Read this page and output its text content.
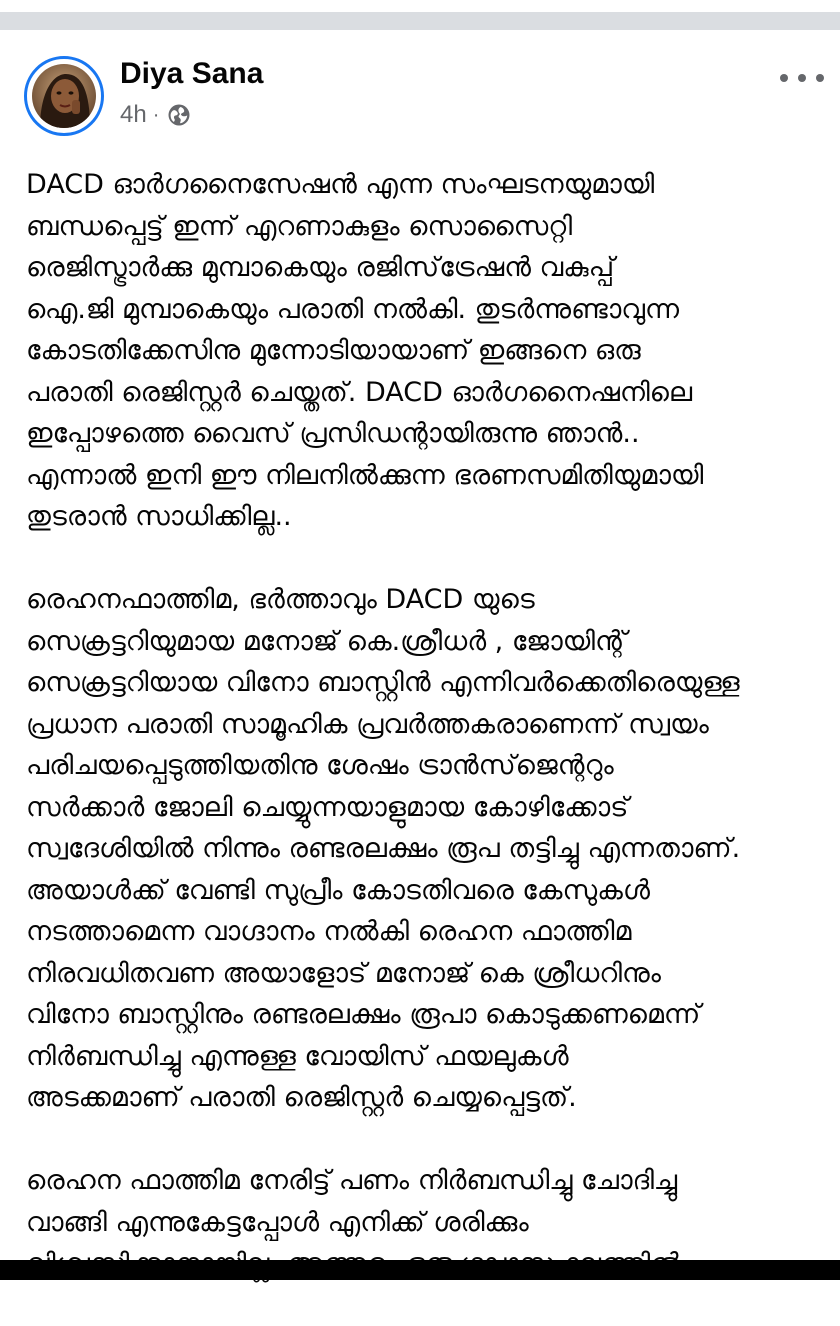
Diya Sana
4h ·
DACD ഓർഗനൈസേഷൻ എന്ന സംഘടനയുമായി
ബന്ധപ്പെട്ട് ഇന്ന് എറണാകുളം സൊസൈറ്റി
രെജിസ്ട്രാർക്കു മുമ്പാകെയും രജിസ്‌ട്രേഷൻ വകുപ്പ്
ഐ.ജി മുമ്പാകെയും പരാതി നൽകി. തുടർന്നുണ്ടാവുന്ന
കോടതിക്കേസിനു മുന്നോടിയായാണ് ഇങ്ങനെ ഒരു
പരാതി രെജിസ്റ്റർ ചെയ്തത്. DACD ഓർഗനൈഷനിലെ
ഇപ്പോഴത്തെ വൈസ് പ്രസിഡന്റായിരുന്നു ഞാൻ..
എന്നാൽ ഇനി ഈ നിലനിൽക്കുന്ന ഭരണസമിതിയുമായി
തുടരാൻ സാധിക്കില്ല..
രെഹനഫാത്തിമ, ഭർത്താവും DACD യുടെ
സെക്രട്ടറിയുമായ മനോജ് കെ.ശ്രീധർ , ജോയിന്റ്
സെക്രട്ടറിയായ വിനോ ബാസ്റ്റിൻ എന്നിവർക്കെതിരെയുള്ള
പ്രധാന പരാതി സാമൂഹിക പ്രവർത്തകരാണെന്ന് സ്വയം
പരിചയപ്പെടുത്തിയതിനു ശേഷം ട്രാൻസ്‌ജെന്ററും
സർക്കാർ ജോലി ചെയ്യുന്നയാളുമായ കോഴിക്കോട്
സ്വദേശിയിൽ നിന്നും രണ്ടരലക്ഷം രൂപ തട്ടിച്ചു എന്നതാണ്.
അയാൾക്ക് വേണ്ടി സുപ്രീം കോടതിവരെ കേസുകൾ
നടത്താമെന്ന വാഗ്ദാനം നൽകി രെഹന ഫാത്തിമ
നിരവധിതവണ അയാളോട് മനോജ് കെ ശ്രീധറിനും
വിനോ ബാസ്റ്റിനും രണ്ടരലക്ഷം രൂപാ കൊടുക്കണമെന്ന്
നിർബന്ധിച്ചു എന്നുള്ള വോയിസ് ഫയലുകൾ
അടക്കമാണ് പരാതി രെജിസ്റ്റർ ചെയ്യപ്പെട്ടത്.
രെഹന ഫാത്തിമ നേരിട്ട് പണം നിർബന്ധിച്ചു ചോദിച്ചു
വാങ്ങി എന്നുകേട്ടപ്പോൾ എനിക്ക് ശരിക്കും
